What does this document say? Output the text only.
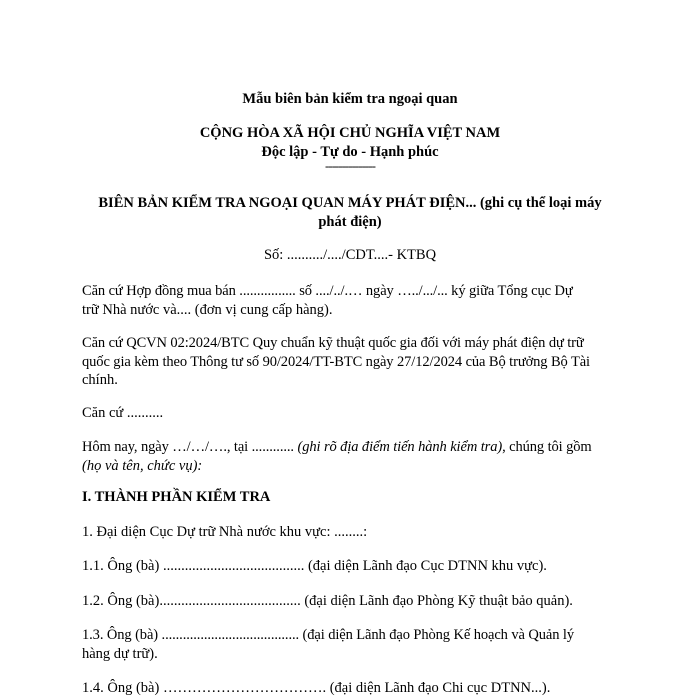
Mẫu biên bản kiểm tra ngoại quan
CỘNG HÒA XÃ HỘI CHỦ NGHĨA VIỆT NAM
Độc lập - Tự do - Hạnh phúc
---------------
BIÊN BẢN KIỂM TRA NGOẠI QUAN MÁY PHÁT ĐIỆN... (ghi cụ thể loại máy
phát điện)
Số: ........../..../CDT....- KTBQ
Căn cứ Hợp đồng mua bán ................ số ..../../.… ngày …../.../... ký giữa Tổng cục Dự
trữ Nhà nước và.... (đơn vị cung cấp hàng).
Căn cứ QCVN 02:2024/BTC Quy chuẩn kỹ thuật quốc gia đối với máy phát điện dự trữ
quốc gia kèm theo Thông tư số 90/2024/TT-BTC ngày 27/12/2024 của Bộ trưởng Bộ Tài
chính.
Căn cứ ..........
Hôm nay, ngày …/…/…., tại ............ (ghi rõ địa điểm tiến hành kiểm tra), chúng tôi gồm
(họ và tên, chức vụ):
I. THÀNH PHẦN KIỂM TRA
1. Đại diện Cục Dự trữ Nhà nước khu vực: ........:
1.1. Ông (bà) ....................................... (đại diện Lãnh đạo Cục DTNN khu vực).
1.2. Ông (bà)....................................... (đại diện Lãnh đạo Phòng Kỹ thuật bảo quản).
1.3. Ông (bà) ....................................... (đại diện Lãnh đạo Phòng Kế hoạch và Quản lý
hàng dự trữ).
1.4. Ông (bà) ……………………………. (đại diện Lãnh đạo Chi cục DTNN...).
